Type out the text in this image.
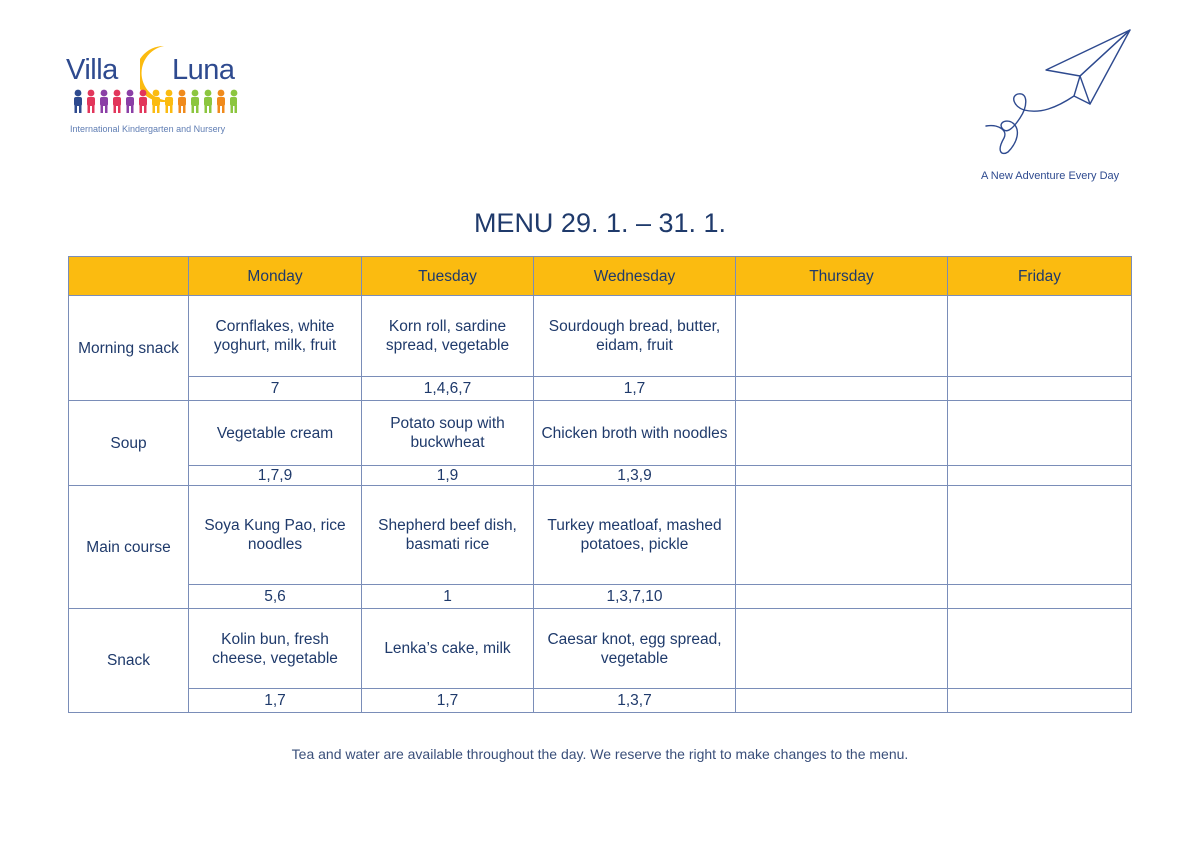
Villa Luna
International Kindergarten and Nursery
A New Adventure Every Day
MENU 29. 1. – 31. 1.
	Monday	Tuesday	Wednesday	Thursday	Friday
Morning snack	Cornflakes, white yoghurt, milk, fruit	Korn roll, sardine spread, vegetable	Sourdough bread, butter, eidam, fruit		
	7	1,4,6,7	1,7		
Soup	Vegetable cream	Potato soup with buckwheat	Chicken broth with noodles		
	1,7,9	1,9	1,3,9		
Main course	Soya Kung Pao, rice noodles	Shepherd beef dish, basmati rice	Turkey meatloaf, mashed potatoes, pickle		
	5,6	1	1,3,7,10		
Snack	Kolin bun, fresh cheese, vegetable	Lenka’s cake, milk	Caesar knot, egg spread, vegetable		
	1,7	1,7	1,3,7		
Tea and water are available throughout the day. We reserve the right to make changes to the menu.
